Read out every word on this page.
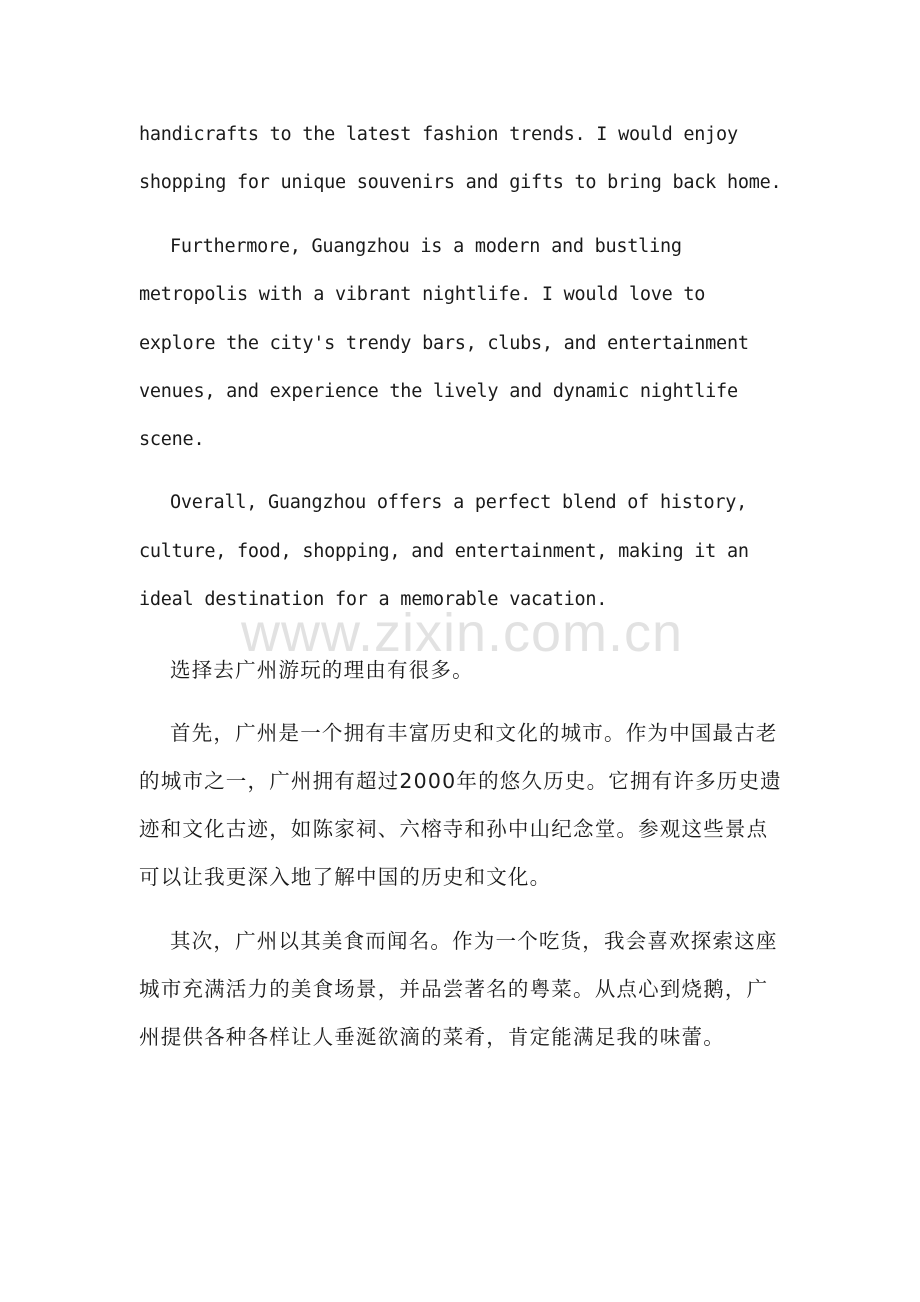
handicrafts to the latest fashion trends. I would enjoy
shopping for unique souvenirs and gifts to bring back home.
Furthermore, Guangzhou is a modern and bustling
metropolis with a vibrant nightlife. I would love to
explore the city's trendy bars, clubs, and entertainment
venues, and experience the lively and dynamic nightlife
scene.
Overall, Guangzhou offers a perfect blend of history,
culture, food, shopping, and entertainment, making it an
ideal destination for a memorable vacation.
www.zixin.com.cn
选择去广州游玩的理由有很多。
首先，广州是一个拥有丰富历史和文化的城市。作为中国最古老
的城市之一，广州拥有超过2000年的悠久历史。它拥有许多历史遗
迹和文化古迹，如陈家祠、六榕寺和孙中山纪念堂。参观这些景点
可以让我更深入地了解中国的历史和文化。
其次，广州以其美食而闻名。作为一个吃货，我会喜欢探索这座
城市充满活力的美食场景，并品尝著名的粤菜。从点心到烧鹅，广
州提供各种各样让人垂涎欲滴的菜肴，肯定能满足我的味蕾。
